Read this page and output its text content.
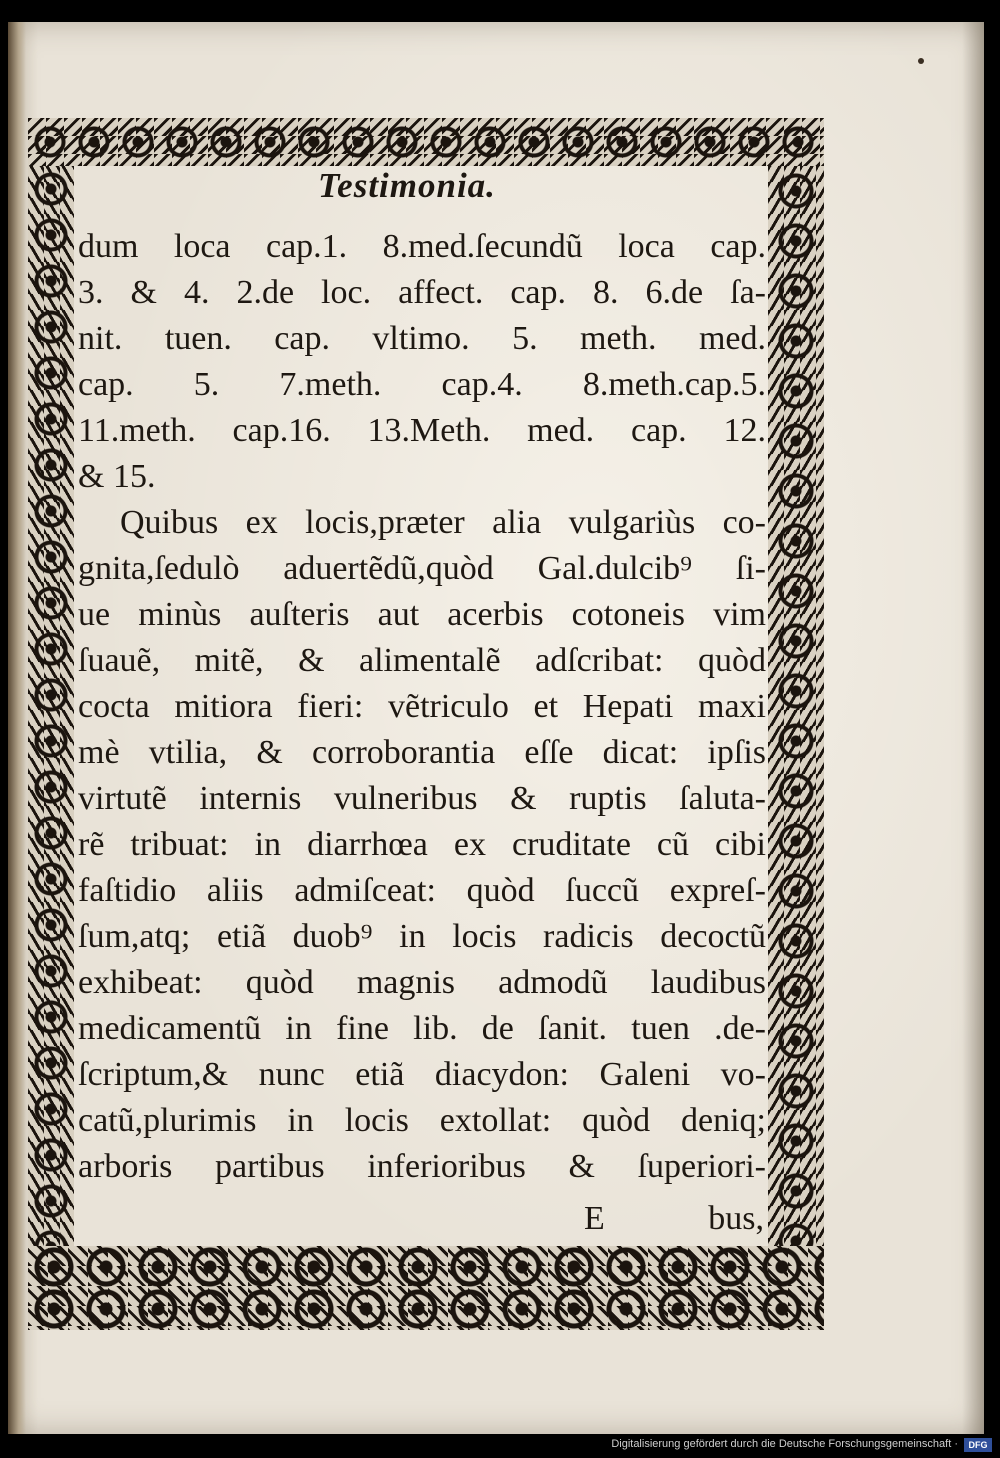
Testimonia.
dum loca cap.1. 8.med.ſecundũ loca cap.
3. & 4. 2.de loc. affect. cap. 8. 6.de ſa-
nit. tuen. cap. vltimo. 5. meth. med.
cap. 5. 7.meth. cap.4. 8.meth.cap.5.
11.meth. cap.16. 13.Meth. med. cap. 12.
& 15.
Quibus ex locis,præter alia vulgariùs co-
gnita,ſedulò aduertẽdũ,quòd Gal.dulcib⁹ ſi-
ue minùs auſteris aut acerbis cotoneis vim
ſuauẽ, mitẽ, & alimentalẽ adſcribat: quòd
cocta mitiora fieri: vẽtriculo et Hepati maxi
mè vtilia, & corroborantia eſſe dicat: ipſis
virtutẽ internis vulneribus & ruptis ſaluta-
rẽ tribuat: in diarrhœa ex cruditate cũ cibi
faſtidio aliis admiſceat: quòd ſuccũ expreſ-
ſum,atq; etiã duob⁹ in locis radicis decoctũ
exhibeat: quòd magnis admodũ laudibus
medicamentũ in fine lib. de ſanit. tuen .de-
ſcriptum,& nunc etiã diacydon: Galeni vo-
catũ,plurimis in locis extollat: quòd deniq;
arboris partibus inferioribus & ſuperiori-
E	bus,
Digitalisierung gefördert durch die Deutsche Forschungsgemeinschaft ·	DFG
